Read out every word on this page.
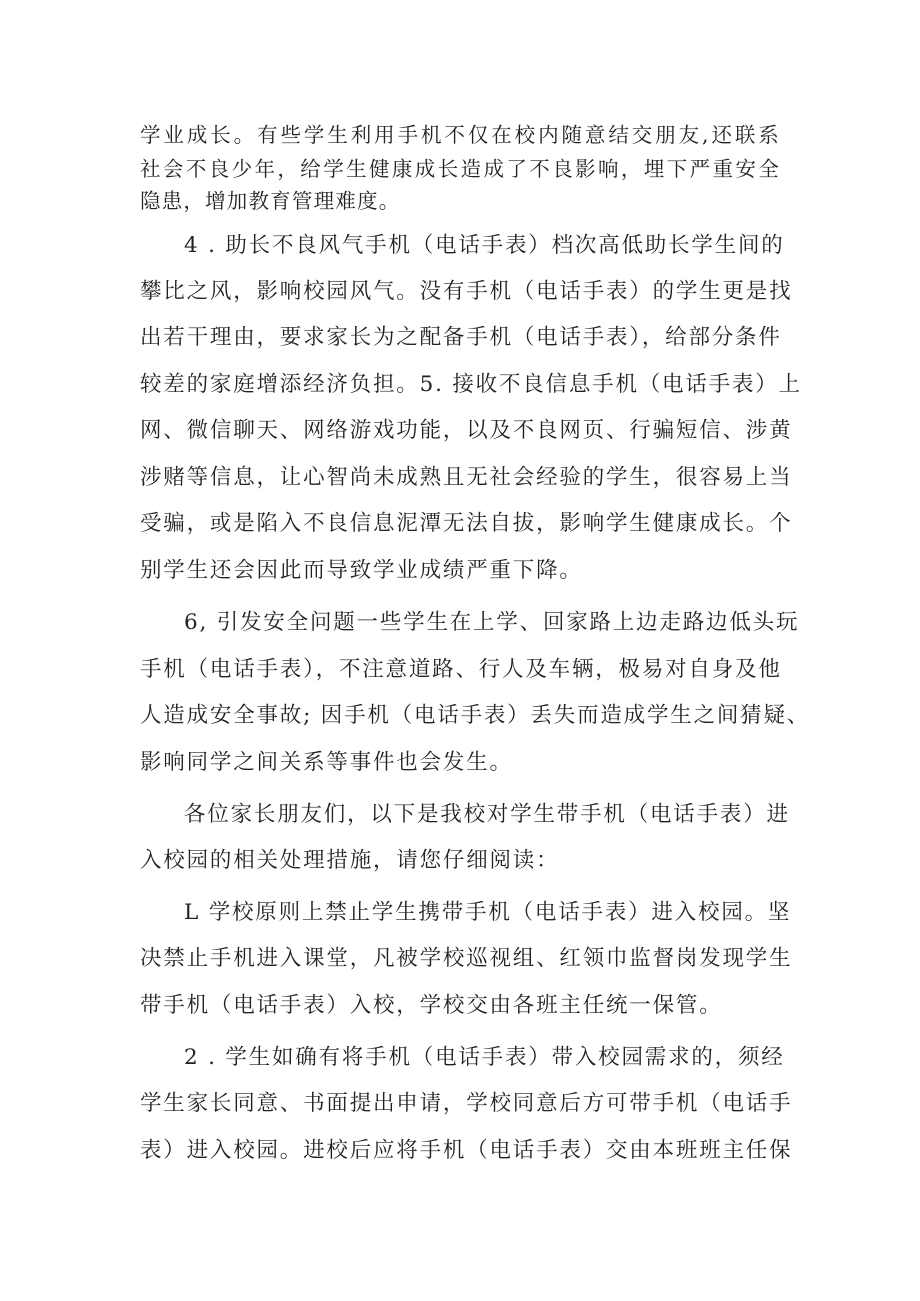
学业成长。有些学生利用手机不仅在校内随意结交朋友,还联系

社会不良少年，给学生健康成长造成了不良影响，埋下严重安全

隐患，增加教育管理难度。

4 . 助长不良风气手机（电话手表）档次高低助长学生间的

攀比之风，影响校园风气。没有手机（电话手表）的学生更是找

出若干理由，要求家长为之配备手机（电话手表），给部分条件

较差的家庭增添经济负担。5. 接收不良信息手机（电话手表）上

网、微信聊天、网络游戏功能，以及不良网页、行骗短信、涉黄

涉赌等信息，让心智尚未成熟且无社会经验的学生，很容易上当

受骗，或是陷入不良信息泥潭无法自拔，影响学生健康成长。个

别学生还会因此而导致学业成绩严重下降。

6, 引发安全问题一些学生在上学、回家路上边走路边低头玩

手机（电话手表），不注意道路、行人及车辆，极易对自身及他

人造成安全事故; 因手机（电话手表）丢失而造成学生之间猜疑、

影响同学之间关系等事件也会发生。

各位家长朋友们，以下是我校对学生带手机（电话手表）进

入校园的相关处理措施，请您仔细阅读：

L 学校原则上禁止学生携带手机（电话手表）进入校园。坚

决禁止手机进入课堂，凡被学校巡视组、红领巾监督岗发现学生

带手机（电话手表）入校，学校交由各班主任统一保管。

2 . 学生如确有将手机（电话手表）带入校园需求的，须经

学生家长同意、书面提出申请，学校同意后方可带手机（电话手

表）进入校园。进校后应将手机（电话手表）交由本班班主任保
